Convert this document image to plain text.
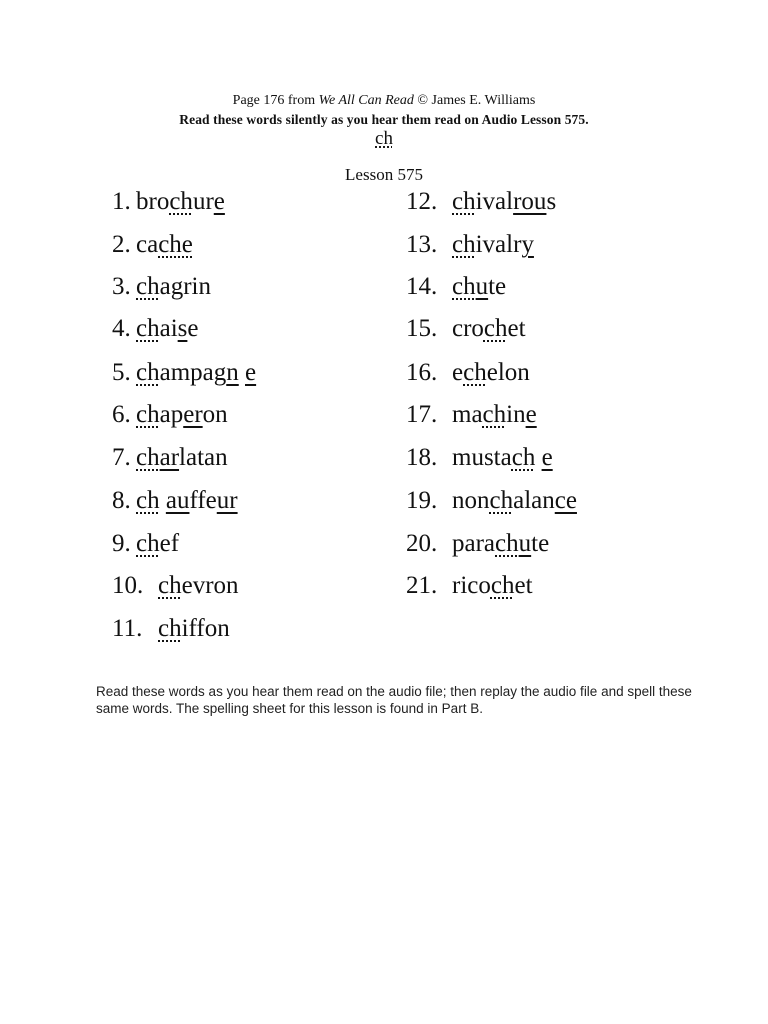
Page 176 from We All Can Read © James E. Williams
Read these words silently as you hear them read on Audio Lesson 575.
ch
Lesson 575
1. brochure
2. cache
3. chagrin
4. chaise
5. champagn e
6. chaperon
7. charlatan
8. ch auffeur
9. chef
10. chevron
11. chiffon
12. chivalrous
13. chivalry
14. chute
15. crochet
16. echelon
17. machine
18. mustach e
19. nonchalance
20. parachute
21. ricochet
Read these words as you hear them read on the audio file; then replay the audio file and spell these same words. The spelling sheet for this lesson is found in Part B.
